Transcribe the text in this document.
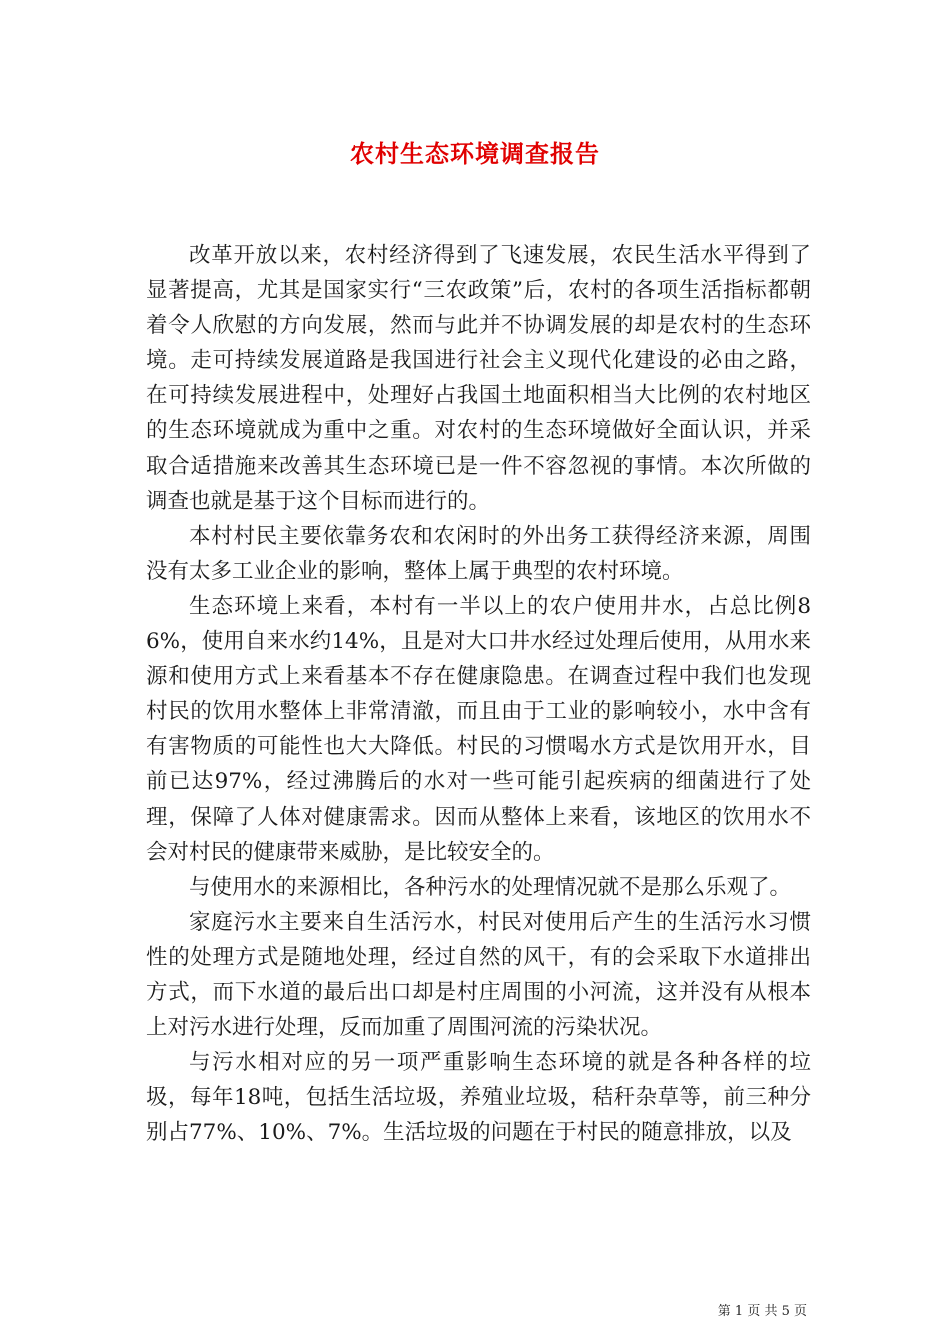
农村生态环境调查报告

改革开放以来，农村经济得到了飞速发展，农民生活水平得到了显著提高，尤其是国家实行“三农政策”后，农村的各项生活指标都朝着令人欣慰的方向发展，然而与此并不协调发展的却是农村的生态环境。走可持续发展道路是我国进行社会主义现代化建设的必由之路，在可持续发展进程中，处理好占我国土地面积相当大比例的农村地区的生态环境就成为重中之重。对农村的生态环境做好全面认识，并采取合适措施来改善其生态环境已是一件不容忽视的事情。本次所做的调查也就是基于这个目标而进行的。

本村村民主要依靠务农和农闲时的外出务工获得经济来源，周围没有太多工业企业的影响，整体上属于典型的农村环境。

生态环境上来看，本村有一半以上的农户使用井水，占总比例86%，使用自来水约14%，且是对大口井水经过处理后使用，从用水来源和使用方式上来看基本不存在健康隐患。在调查过程中我们也发现村民的饮用水整体上非常清澈，而且由于工业的影响较小，水中含有有害物质的可能性也大大降低。村民的习惯喝水方式是饮用开水，目前已达97%，经过沸腾后的水对一些可能引起疾病的细菌进行了处理，保障了人体对健康需求。因而从整体上来看，该地区的饮用水不会对村民的健康带来威胁，是比较安全的。

与使用水的来源相比，各种污水的处理情况就不是那么乐观了。

家庭污水主要来自生活污水，村民对使用后产生的生活污水习惯性的处理方式是随地处理，经过自然的风干，有的会采取下水道排出方式，而下水道的最后出口却是村庄周围的小河流，这并没有从根本上对污水进行处理，反而加重了周围河流的污染状况。

与污水相对应的另一项严重影响生态环境的就是各种各样的垃圾，每年18吨，包括生活垃圾，养殖业垃圾，秸秆杂草等，前三种分别占77%、10%、7%。生活垃圾的问题在于村民的随意排放，以及

第 1 页 共 5 页
